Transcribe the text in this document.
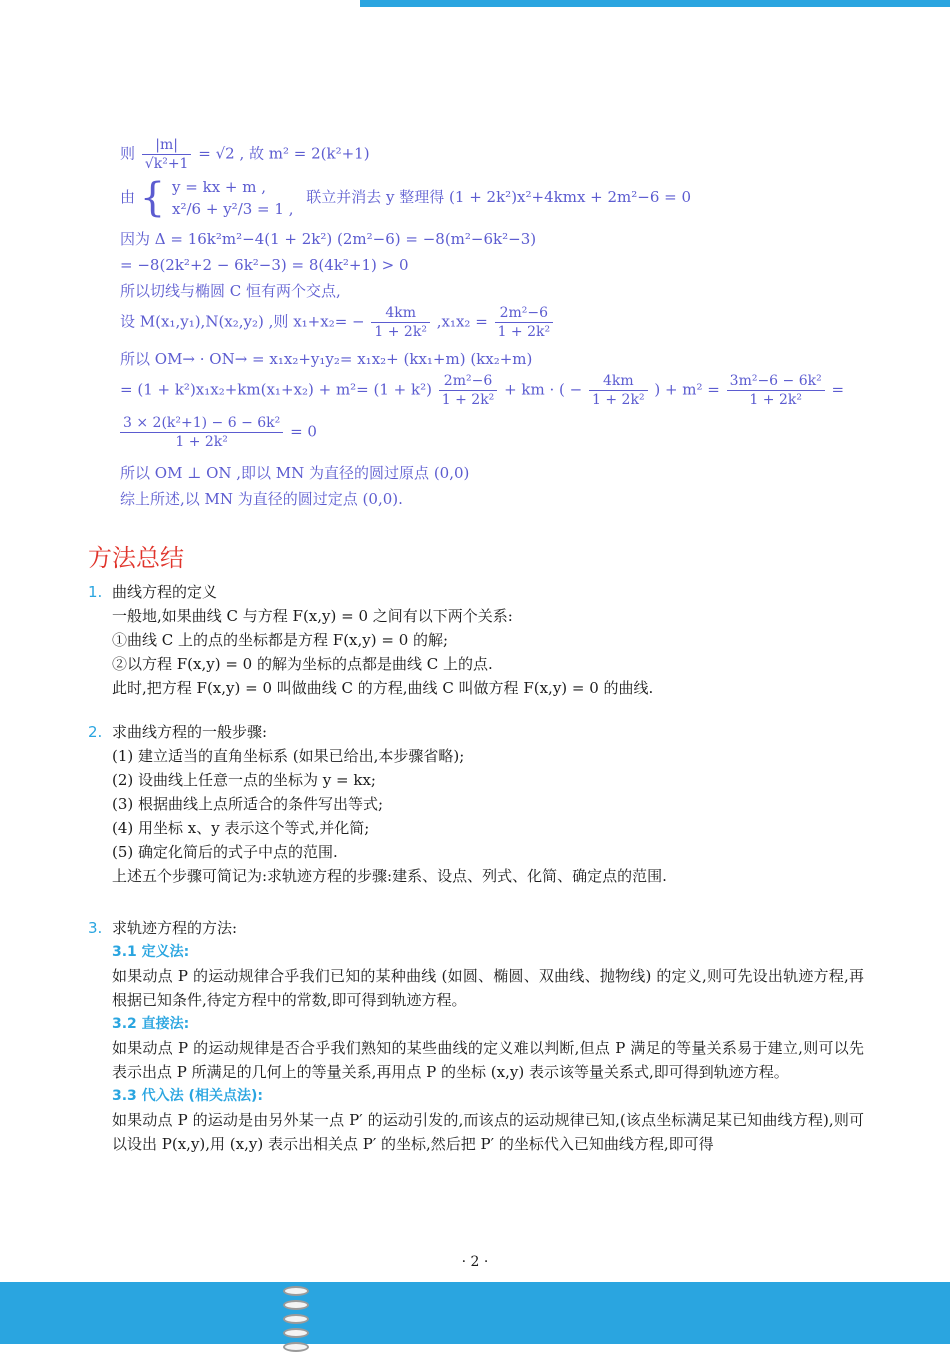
则 $\frac{|m|}{\text{√k²+1}} = √2$ , 故 m² = 2(k²+1)
由 { y = kx + m ,
x²/6 + y²/3 = 1 ,
联立并消去 y 整理得 (1 + 2k²)x²+4kmx + 2m²−6 = 0
因为 Δ = 16k²m²−4(1 + 2k²) (2m²−6) = −8(m²−6k²−3)
= −8(2k²+2 − 6k²−3) = 8(4k²+1) > 0
所以切线与椭圆 C 恒有两个交点,
设 M(x₁,y₁),N(x₂,y₂) ,则 $x_1+x_2= - \frac{4km}{\text{1 + 2k²}} ,x_1x_2 = \frac{\text{2m²−6}}{\text{1 + 2k²}}$
所以 OM→ · ON→ = x₁x₂+y₁y₂= x₁x₂+ (kx₁+m) (kx₂+m)
= $(1 + k^2)x_1x_2+km(x_1+x_2) + m^2= (1 + k^2) \frac{\text{2m²−6}}{\text{1 + 2k²}}$ + km · ( − $\frac{4km}{\text{1 + 2k²}}$ ) + $m^2 = \frac{\text{3m²−6 − 6k²}}{\text{1 + 2k²}}$ =
$\frac{\text{3 × 2(k²+1) − 6 − 6k²}}{\text{1 + 2k²}} = 0$
所以 OM ⊥ ON ,即以 MN 为直径的圆过原点 (0,0)
综上所述,以 MN 为直径的圆过定点 (0,0).
方法总结
1. 曲线方程的定义
一般地,如果曲线 C 与方程 F(x,y) = 0 之间有以下两个关系:
①曲线 C 上的点的坐标都是方程 F(x,y) = 0 的解;
②以方程 F(x,y) = 0 的解为坐标的点都是曲线 C 上的点.
此时,把方程 F(x,y) = 0 叫做曲线 C 的方程,曲线 C 叫做方程 F(x,y) = 0 的曲线.
2. 求曲线方程的一般步骤:
(1) 建立适当的直角坐标系 (如果已给出,本步骤省略);
(2) 设曲线上任意一点的坐标为 y = kx;
(3) 根据曲线上点所适合的条件写出等式;
(4) 用坐标 x、y 表示这个等式,并化简;
(5) 确定化简后的式子中点的范围.
上述五个步骤可简记为:求轨迹方程的步骤:建系、设点、列式、化简、确定点的范围.
3. 求轨迹方程的方法:
3.1 定义法:
如果动点 P 的运动规律合乎我们已知的某种曲线 (如圆、椭圆、双曲线、抛物线) 的定义,则可先设出轨迹方程,再根据已知条件,待定方程中的常数,即可得到轨迹方程。
3.2 直接法:
如果动点 P 的运动规律是否合乎我们熟知的某些曲线的定义难以判断,但点 P 满足的等量关系易于建立,则可以先表示出点 P 所满足的几何上的等量关系,再用点 P 的坐标 (x,y) 表示该等量关系式,即可得到轨迹方程。
3.3 代入法 (相关点法):
如果动点 P 的运动是由另外某一点 P′ 的运动引发的,而该点的运动规律已知,(该点坐标满足某已知曲线方程),则可以设出 P(x,y),用 (x,y) 表示出相关点 P′ 的坐标,然后把 P′ 的坐标代入已知曲线方程,即可得
· 2 ·
